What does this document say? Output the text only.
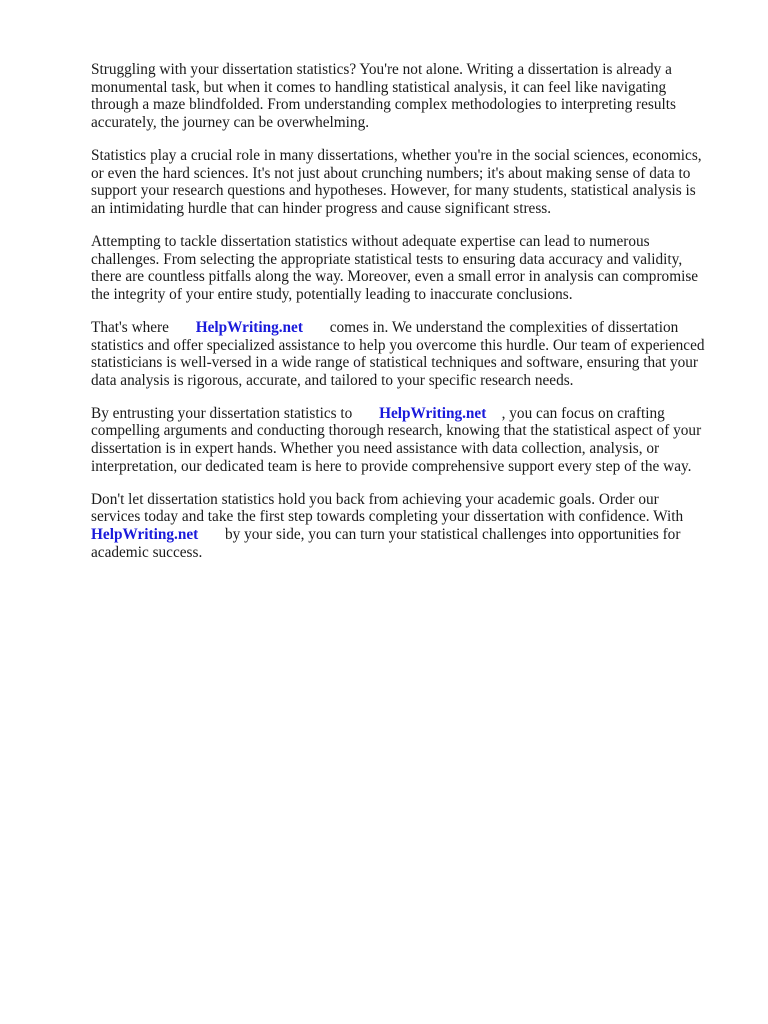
Struggling with your dissertation statistics? You're not alone. Writing a dissertation is already a
monumental task, but when it comes to handling statistical analysis, it can feel like navigating
through a maze blindfolded. From understanding complex methodologies to interpreting results
accurately, the journey can be overwhelming.

Statistics play a crucial role in many dissertations, whether you're in the social sciences, economics,
or even the hard sciences. It's not just about crunching numbers; it's about making sense of data to
support your research questions and hypotheses. However, for many students, statistical analysis is
an intimidating hurdle that can hinder progress and cause significant stress.

Attempting to tackle dissertation statistics without adequate expertise can lead to numerous
challenges. From selecting the appropriate statistical tests to ensuring data accuracy and validity,
there are countless pitfalls along the way. Moreover, even a small error in analysis can compromise
the integrity of your entire study, potentially leading to inaccurate conclusions.

That's where HelpWriting.net comes in. We understand the complexities of dissertation
statistics and offer specialized assistance to help you overcome this hurdle. Our team of experienced
statisticians is well-versed in a wide range of statistical techniques and software, ensuring that your
data analysis is rigorous, accurate, and tailored to your specific research needs.

By entrusting your dissertation statistics to HelpWriting.net , you can focus on crafting
compelling arguments and conducting thorough research, knowing that the statistical aspect of your
dissertation is in expert hands. Whether you need assistance with data collection, analysis, or
interpretation, our dedicated team is here to provide comprehensive support every step of the way.

Don't let dissertation statistics hold you back from achieving your academic goals. Order our
services today and take the first step towards completing your dissertation with confidence. With
HelpWriting.net by your side, you can turn your statistical challenges into opportunities for
academic success.
